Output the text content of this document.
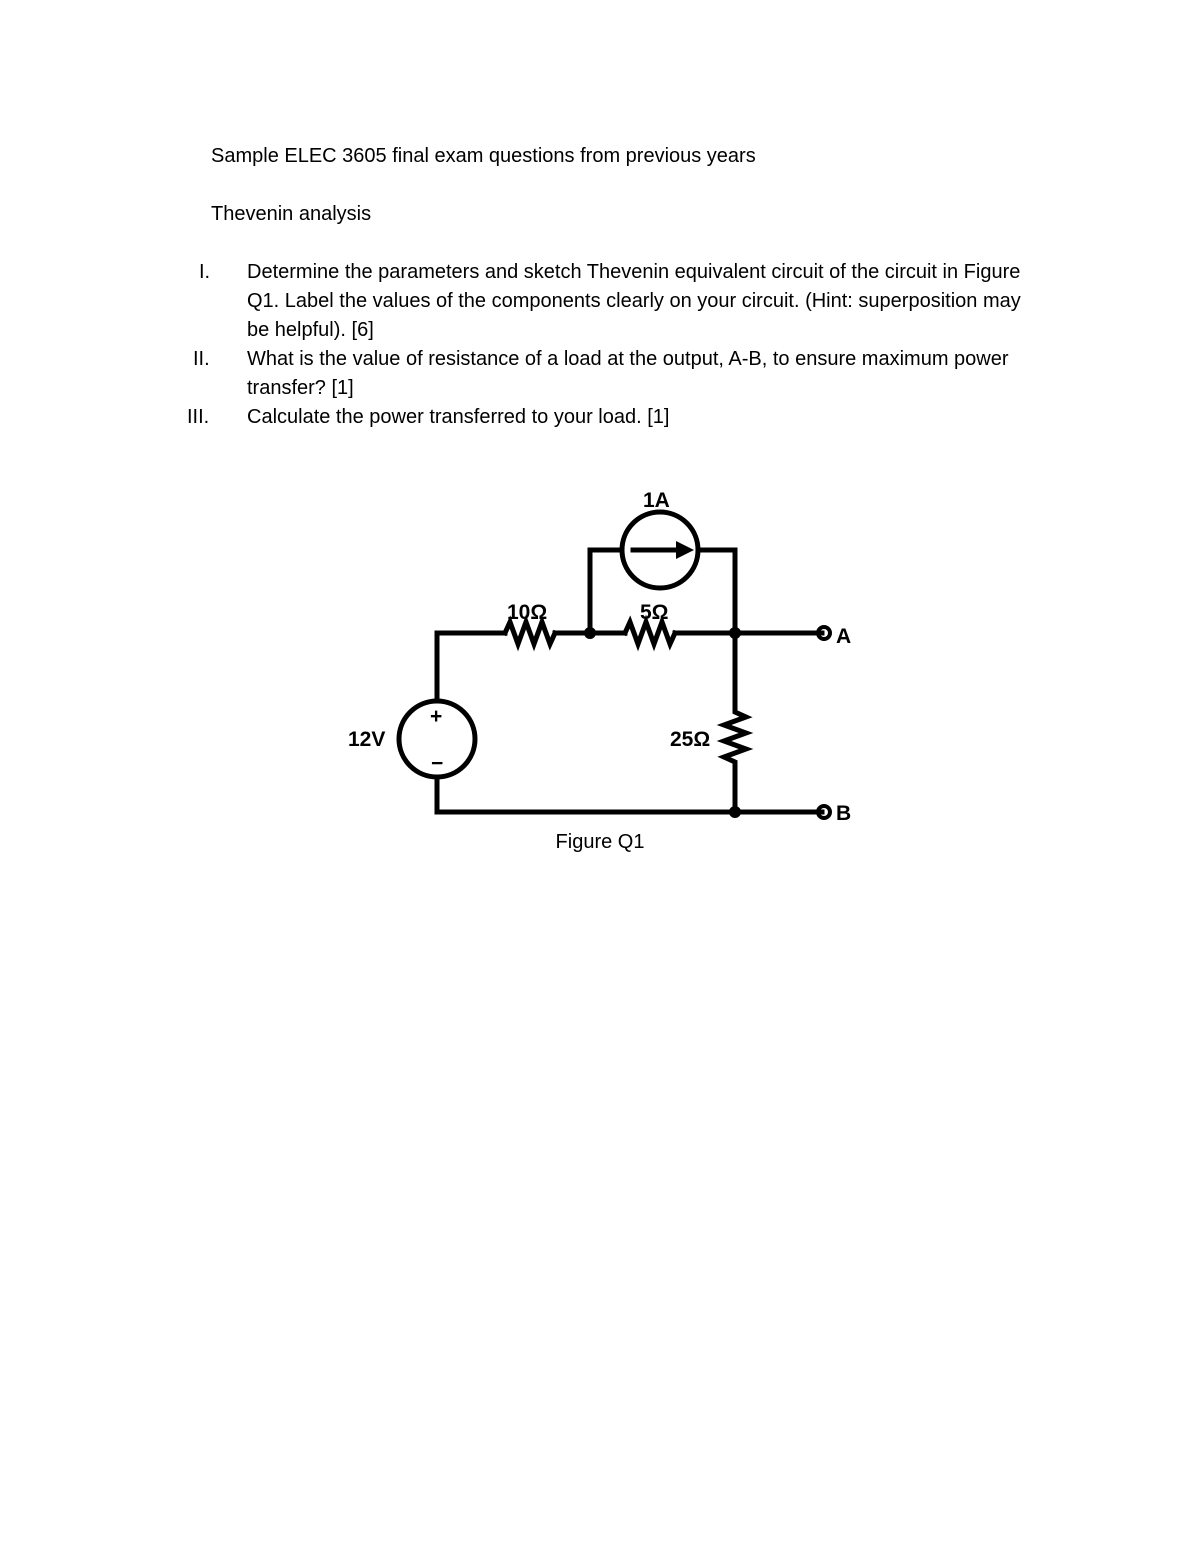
Sample ELEC 3605 final exam questions from previous years
Thevenin analysis
I. Determine the parameters and sketch Thevenin equivalent circuit of the circuit in Figure Q1. Label the values of the components clearly on your circuit. (Hint: superposition may be helpful). [6]
II. What is the value of resistance of a load at the output, A-B, to ensure maximum power transfer? [1]
III. Calculate the power transferred to your load. [1]
1A
10Ω	5Ω
25Ω
12V
+
−
A
B
Figure Q1
